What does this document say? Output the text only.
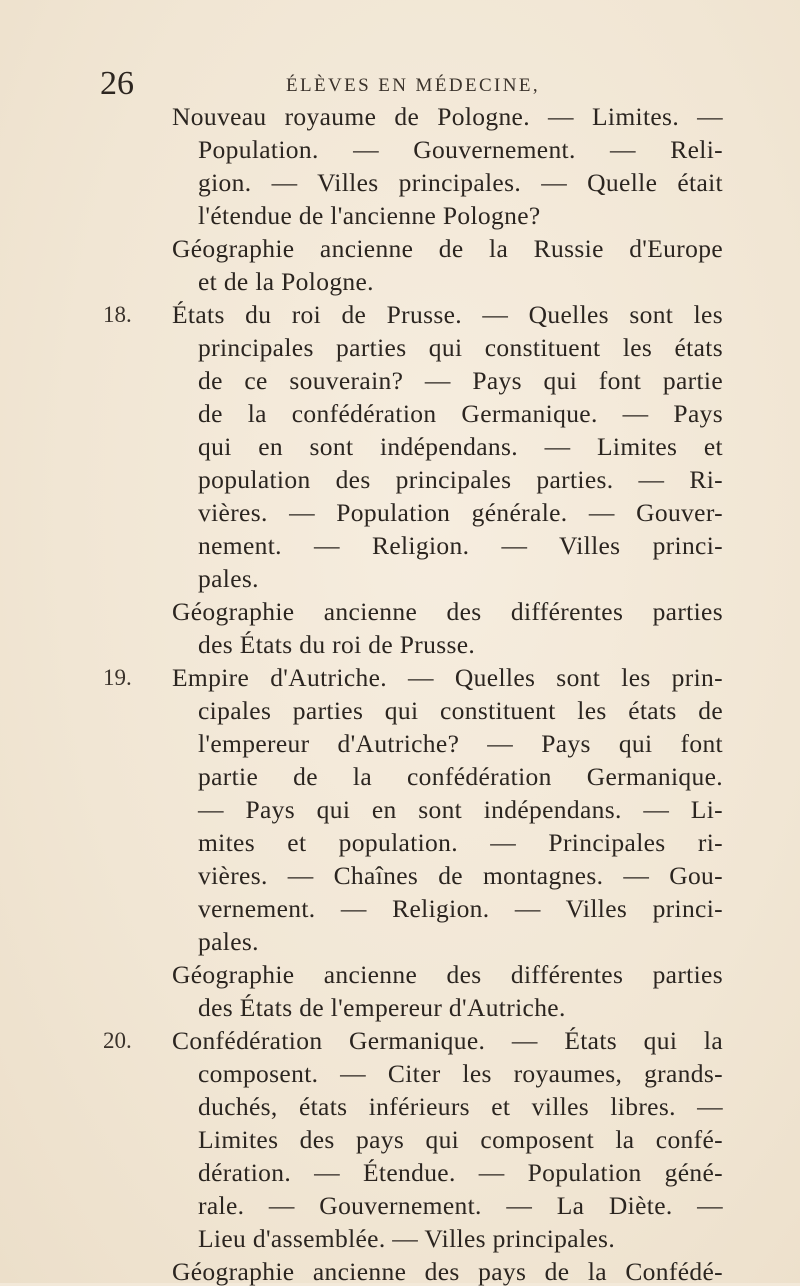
26	ÉLÈVES EN MÉDECINE,
Nouveau royaume de Pologne. — Limites. —
Population. — Gouvernement. — Reli-
gion. — Villes principales. — Quelle était
l'étendue de l'ancienne Pologne?
Géographie ancienne de la Russie d'Europe
et de la Pologne.
18. États du roi de Prusse. — Quelles sont les
principales parties qui constituent les états
de ce souverain? — Pays qui font partie
de la confédération Germanique. — Pays
qui en sont indépendans. — Limites et
population des principales parties. — Ri-
vières. — Population générale. — Gouver-
nement. — Religion. — Villes princi-
pales.
Géographie ancienne des différentes parties
des États du roi de Prusse.
19. Empire d'Autriche. — Quelles sont les prin-
cipales parties qui constituent les états de
l'empereur d'Autriche? — Pays qui font
partie de la confédération Germanique.
— Pays qui en sont indépendans. — Li-
mites et population. — Principales ri-
vières. — Chaînes de montagnes. — Gou-
vernement. — Religion. — Villes princi-
pales.
Géographie ancienne des différentes parties
des États de l'empereur d'Autriche.
20. Confédération Germanique. — États qui la
composent. — Citer les royaumes, grands-
duchés, états inférieurs et villes libres. —
Limites des pays qui composent la confé-
dération. — Étendue. — Population géné-
rale. — Gouvernement. — La Diète. —
Lieu d'assemblée. — Villes principales.
Géographie ancienne des pays de la Confédé-
